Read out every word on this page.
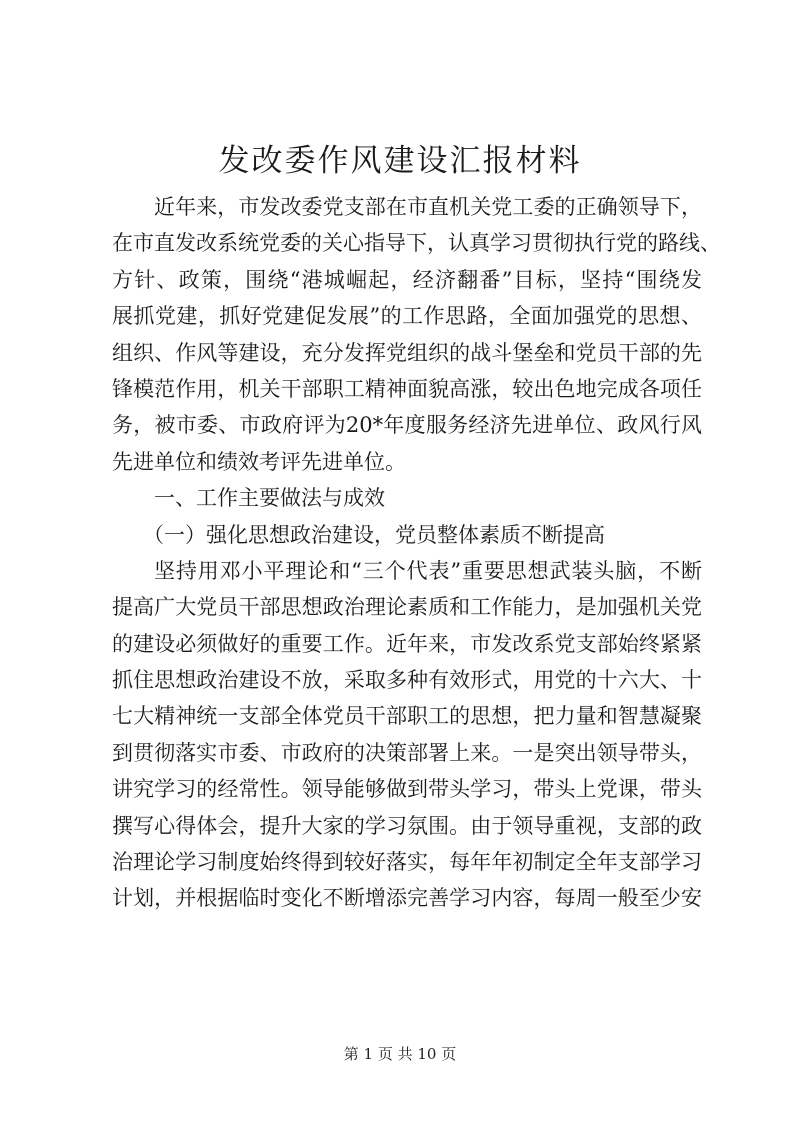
发改委作风建设汇报材料
近年来，市发改委党支部在市直机关党工委的正确领导下，
在市直发改系统党委的关心指导下，认真学习贯彻执行党的路线、
方针、政策，围绕“港城崛起，经济翻番”目标，坚持“围绕发
展抓党建，抓好党建促发展”的工作思路，全面加强党的思想、
组织、作风等建设，充分发挥党组织的战斗堡垒和党员干部的先
锋模范作用，机关干部职工精神面貌高涨，较出色地完成各项任
务，被市委、市政府评为20*年度服务经济先进单位、政风行风
先进单位和绩效考评先进单位。
一、工作主要做法与成效
（一）强化思想政治建设，党员整体素质不断提高
坚持用邓小平理论和“三个代表”重要思想武装头脑，不断
提高广大党员干部思想政治理论素质和工作能力，是加强机关党
的建设必须做好的重要工作。近年来，市发改系党支部始终紧紧
抓住思想政治建设不放，采取多种有效形式，用党的十六大、十
七大精神统一支部全体党员干部职工的思想，把力量和智慧凝聚
到贯彻落实市委、市政府的决策部署上来。一是突出领导带头，
讲究学习的经常性。领导能够做到带头学习，带头上党课，带头
撰写心得体会，提升大家的学习氛围。由于领导重视，支部的政
治理论学习制度始终得到较好落实，每年年初制定全年支部学习
计划，并根据临时变化不断增添完善学习内容，每周一般至少安
第 1 页 共 10 页
